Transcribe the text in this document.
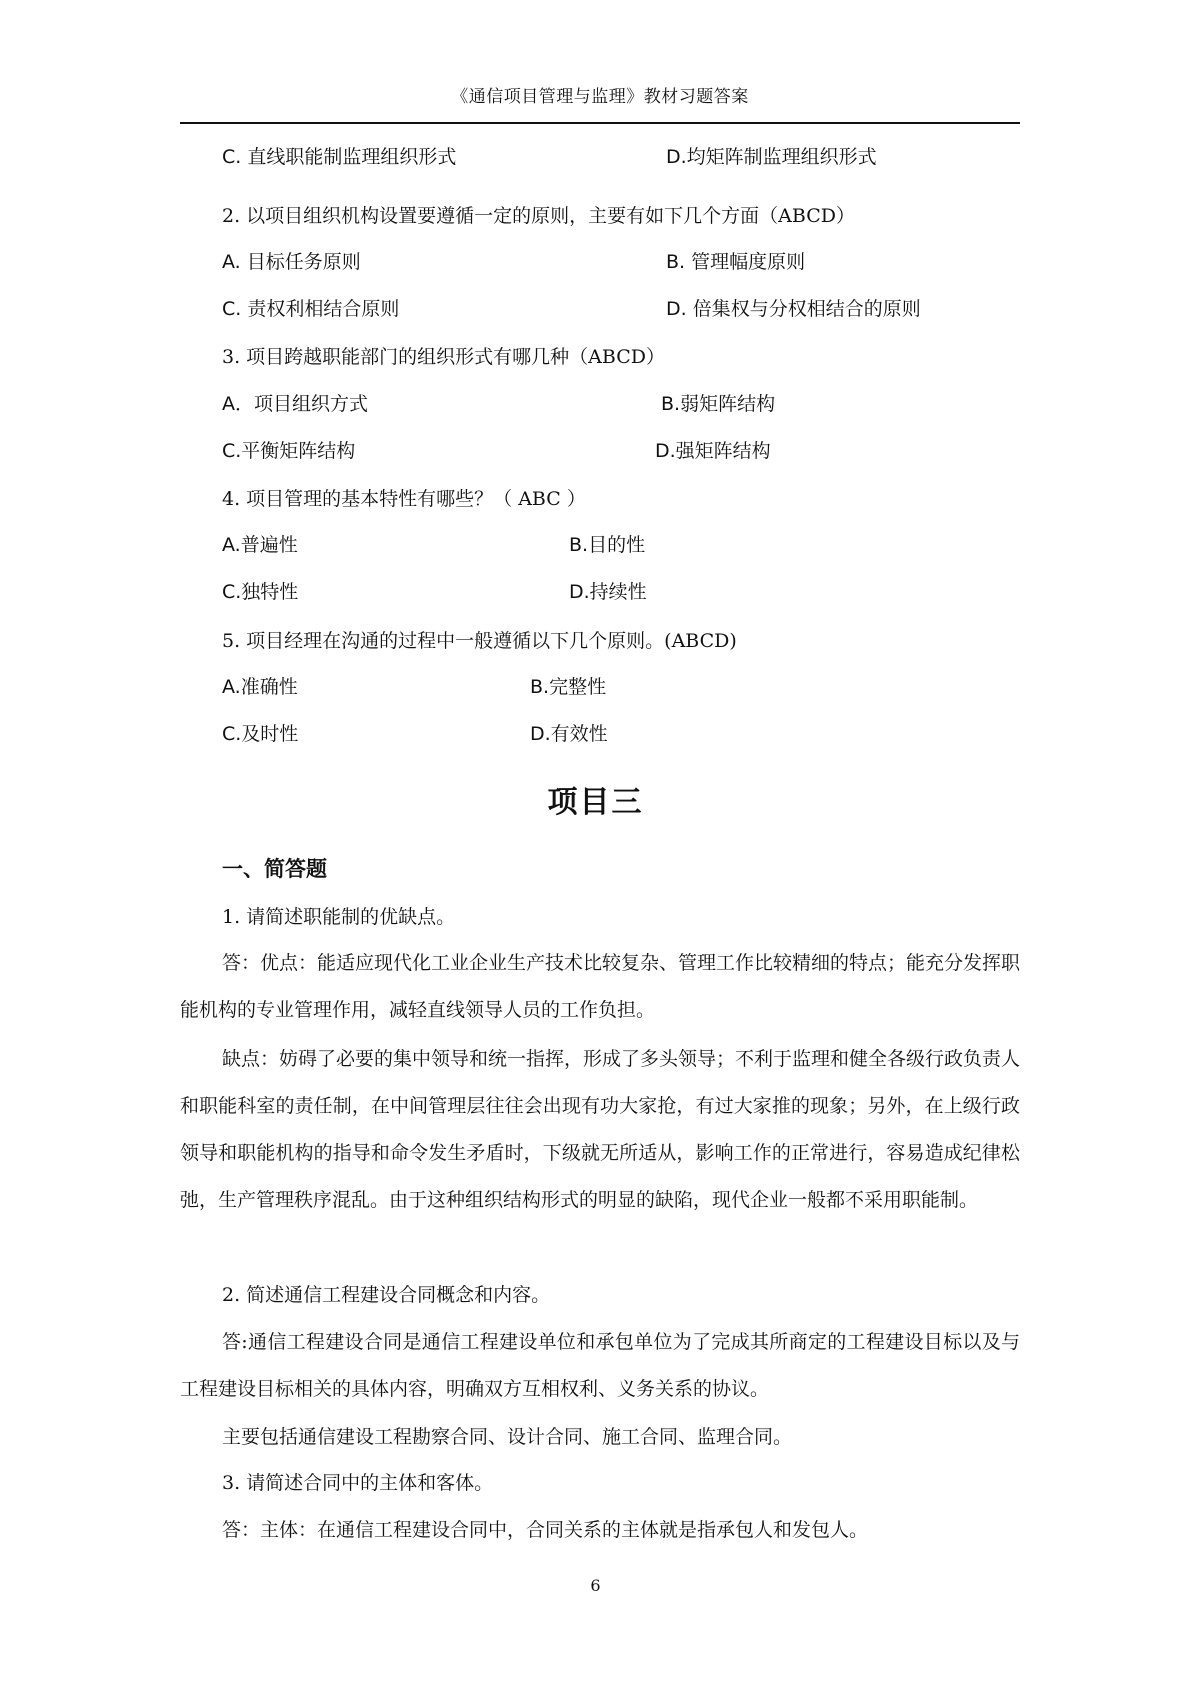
《通信项目管理与监理》教材习题答案
C. 直线职能制监理组织形式	D.均矩阵制监理组织形式
2. 以项目组织机构设置要遵循一定的原则，主要有如下几个方面（ABCD）
A. 目标任务原则	B. 管理幅度原则
C. 责权利相结合原则	D. 倍集权与分权相结合的原则
3. 项目跨越职能部门的组织形式有哪几种（ABCD）
A．项目组织方式	B.弱矩阵结构
C.平衡矩阵结构	D.强矩阵结构
4. 项目管理的基本特性有哪些？（ ABC ）
A.普遍性	B.目的性
C.独特性	D.持续性
5. 项目经理在沟通的过程中一般遵循以下几个原则。(ABCD)
A.准确性	B.完整性
C.及时性	D.有效性
项目三
一、简答题
1. 请简述职能制的优缺点。
答：优点：能适应现代化工业企业生产技术比较复杂、管理工作比较精细的特点；能充分发挥职能机构的专业管理作用，减轻直线领导人员的工作负担。
缺点：妨碍了必要的集中领导和统一指挥，形成了多头领导；不利于监理和健全各级行政负责人和职能科室的责任制，在中间管理层往往会出现有功大家抢，有过大家推的现象；另外，在上级行政领导和职能机构的指导和命令发生矛盾时，下级就无所适从，影响工作的正常进行，容易造成纪律松弛，生产管理秩序混乱。由于这种组织结构形式的明显的缺陷，现代企业一般都不采用职能制。
2. 简述通信工程建设合同概念和内容。
答:通信工程建设合同是通信工程建设单位和承包单位为了完成其所商定的工程建设目标以及与工程建设目标相关的具体内容，明确双方互相权利、义务关系的协议。
主要包括通信建设工程勘察合同、设计合同、施工合同、监理合同。
3. 请简述合同中的主体和客体。
答：主体：在通信工程建设合同中，合同关系的主体就是指承包人和发包人。
6
